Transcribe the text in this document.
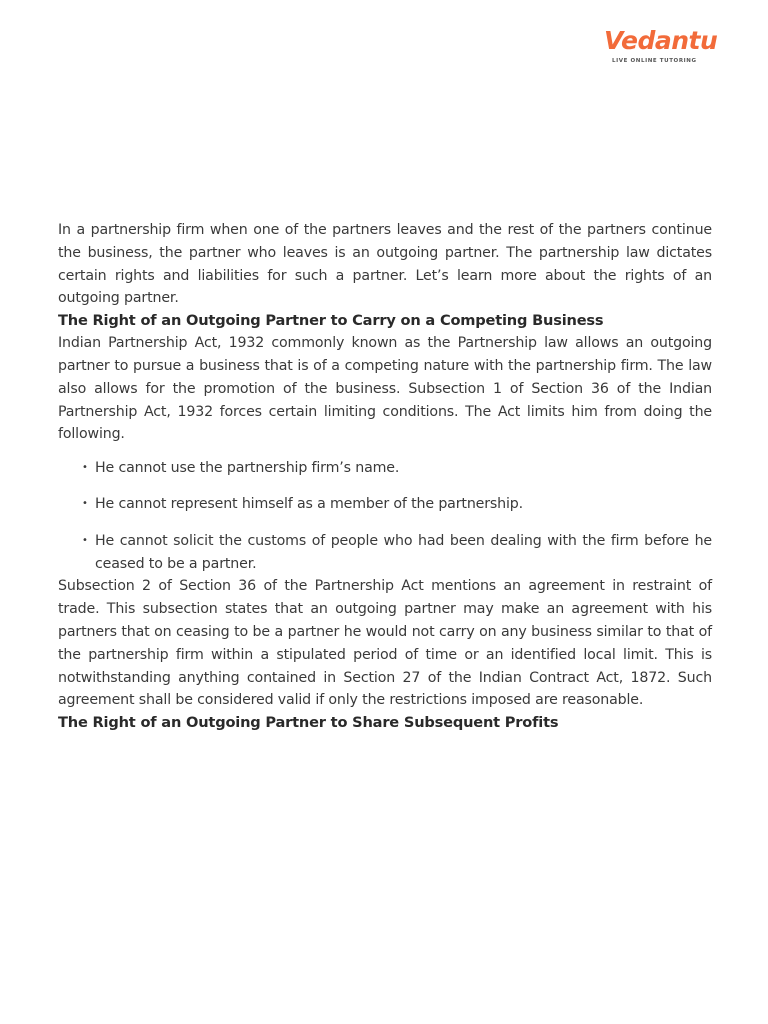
Vedantu
LIVE ONLINE TUTORING

In a partnership firm when one of the partners leaves and the rest of the partners continue the business, the partner who leaves is an outgoing partner. The partnership law dictates certain rights and liabilities for such a partner. Let’s learn more about the rights of an outgoing partner.

The Right of an Outgoing Partner to Carry on a Competing Business

Indian Partnership Act, 1932 commonly known as the Partnership law allows an outgoing partner to pursue a business that is of a competing nature with the partnership firm. The law also allows for the promotion of the business. Subsection 1 of Section 36 of the Indian Partnership Act, 1932 forces certain limiting conditions. The Act limits him from doing the following.

• He cannot use the partnership firm’s name.
• He cannot represent himself as a member of the partnership.
• He cannot solicit the customs of people who had been dealing with the firm before he ceased to be a partner.

Subsection 2 of Section 36 of the Partnership Act mentions an agreement in restraint of trade. This subsection states that an outgoing partner may make an agreement with his partners that on ceasing to be a partner he would not carry on any business similar to that of the partnership firm within a stipulated period of time or an identified local limit. This is notwithstanding anything contained in Section 27 of the Indian Contract Act, 1872. Such agreement shall be considered valid if only the restrictions imposed are reasonable.

The Right of an Outgoing Partner to Share Subsequent Profits
